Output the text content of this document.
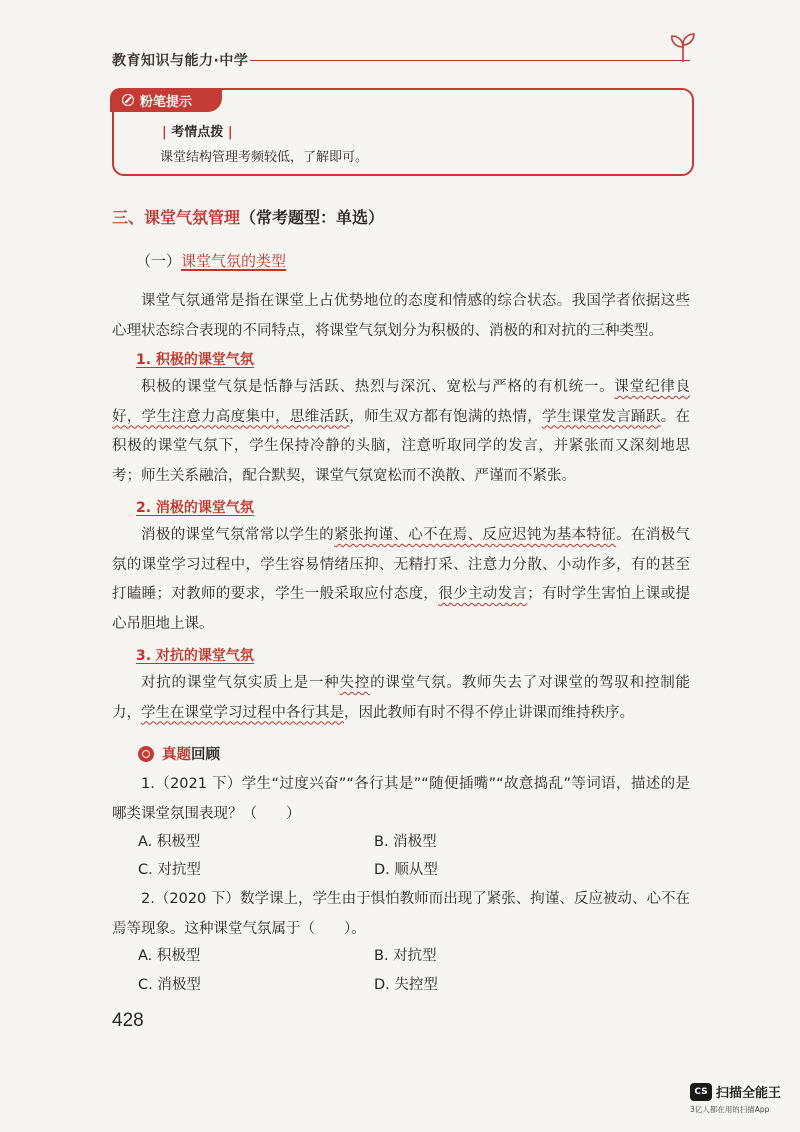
教育知识与能力·中学
粉笔提示
| 考情点拨 |
课堂结构管理考频较低，了解即可。
三、课堂气氛管理（常考题型：单选）
（一）课堂气氛的类型

课堂气氛通常是指在课堂上占优势地位的态度和情感的综合状态。我国学者依据这些心理状态综合表现的不同特点，将课堂气氛划分为积极的、消极的和对抗的三种类型。

1. 积极的课堂气氛

积极的课堂气氛是恬静与活跃、热烈与深沉、宽松与严格的有机统一。课堂纪律良好，学生注意力高度集中，思维活跃，师生双方都有饱满的热情，学生课堂发言踊跃。在积极的课堂气氛下，学生保持冷静的头脑，注意听取同学的发言，并紧张而又深刻地思考；师生关系融洽，配合默契，课堂气氛宽松而不涣散、严谨而不紧张。

2. 消极的课堂气氛

消极的课堂气氛常常以学生的紧张拘谨、心不在焉、反应迟钝为基本特征。在消极气氛的课堂学习过程中，学生容易情绪压抑、无精打采、注意力分散、小动作多，有的甚至打瞌睡；对教师的要求，学生一般采取应付态度，很少主动发言；有时学生害怕上课或提心吊胆地上课。

3. 对抗的课堂气氛

对抗的课堂气氛实质上是一种失控的课堂气氛。教师失去了对课堂的驾驭和控制能力，学生在课堂学习过程中各行其是，因此教师有时不得不停止讲课而维持秩序。

真题 回顾

1.（2021 下）学生“过度兴奋”“各行其是”“随便插嘴”“故意捣乱”等词语，描述的是哪类课堂氛围表现？（　　）

A. 积极型	B. 消极型
C. 对抗型	D. 顺从型

2.（2020 下）数学课上，学生由于惧怕教师而出现了紧张、拘谨、反应被动、心不在焉等现象。这种课堂气氛属于（　　）。

A. 积极型	B. 对抗型
C. 消极型	D. 失控型
428
CS 扫描全能王
3亿人都在用的扫描App
